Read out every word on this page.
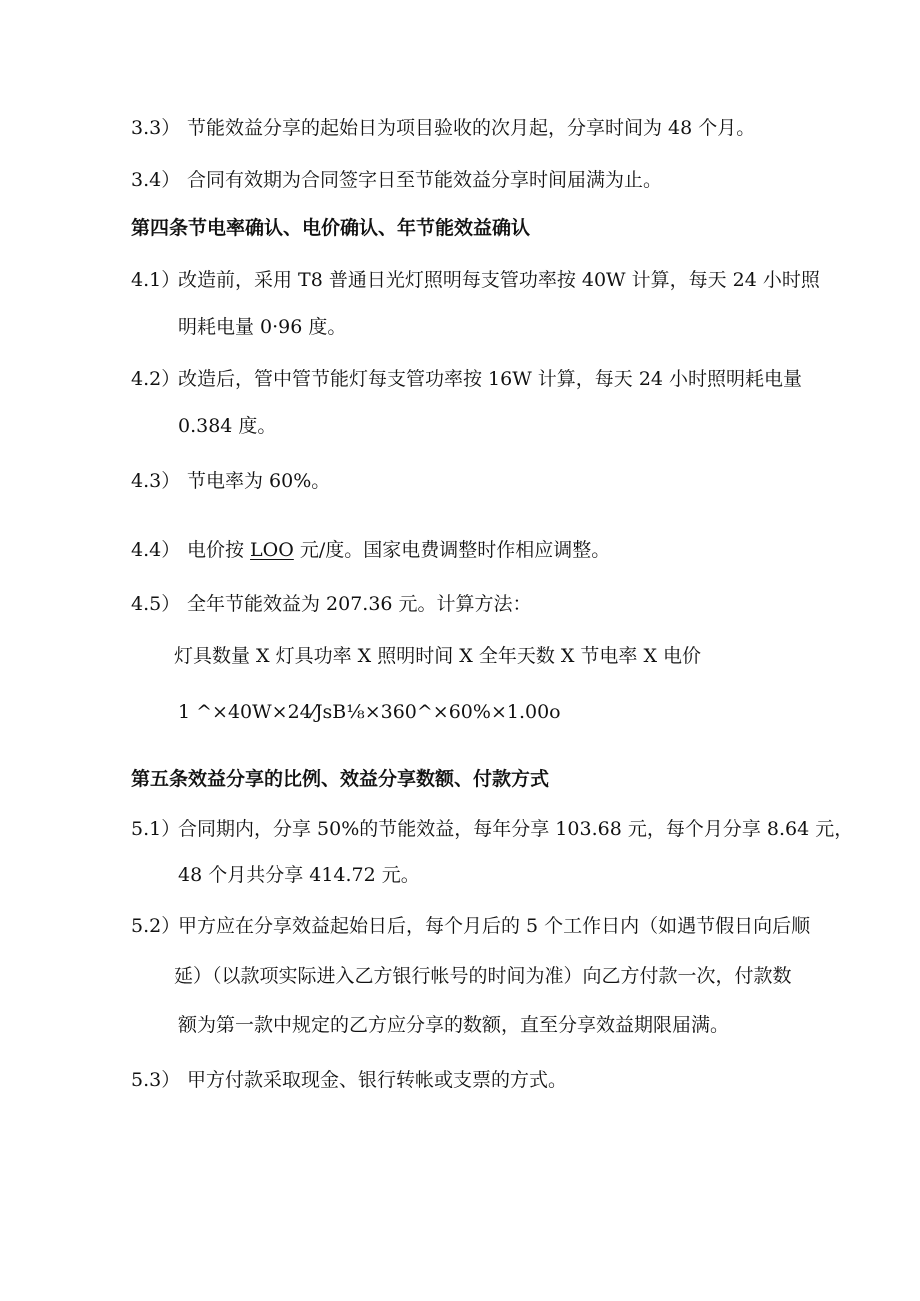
3.3） 节能效益分享的起始日为项目验收的次月起，分享时间为 48 个月。
3.4） 合同有效期为合同签字日至节能效益分享时间届满为止。
第四条节电率确认、电价确认、年节能效益确认
4.1）改造前，采用 T8 普通日光灯照明每支管功率按 40W 计算，每天 24 小时照
明耗电量 0·96 度。
4.2）改造后，管中管节能灯每支管功率按 16W 计算，每天 24 小时照明耗电量
0.384 度。
4.3） 节电率为 60%。
4.4） 电价按 LOO 元/度。国家电费调整时作相应调整。
4.5） 全年节能效益为 207.36 元。计算方法：
灯具数量 X 灯具功率 X 照明时间 X 全年天数 X 节电率 X 电价
1 ^×40W×24⁄JsB⅛×360^×60%×1.00o
第五条效益分享的比例、效益分享数额、付款方式
5.1）合同期内，分享 50%的节能效益，每年分享 103.68 元，每个月分享 8.64 元，
48 个月共分享 414.72 元。
5.2）甲方应在分享效益起始日后，每个月后的 5 个工作日内（如遇节假日向后顺
延）（以款项实际进入乙方银行帐号的时间为准）向乙方付款一次，付款数
额为第一款中规定的乙方应分享的数额，直至分享效益期限届满。
5.3） 甲方付款采取现金、银行转帐或支票的方式。
